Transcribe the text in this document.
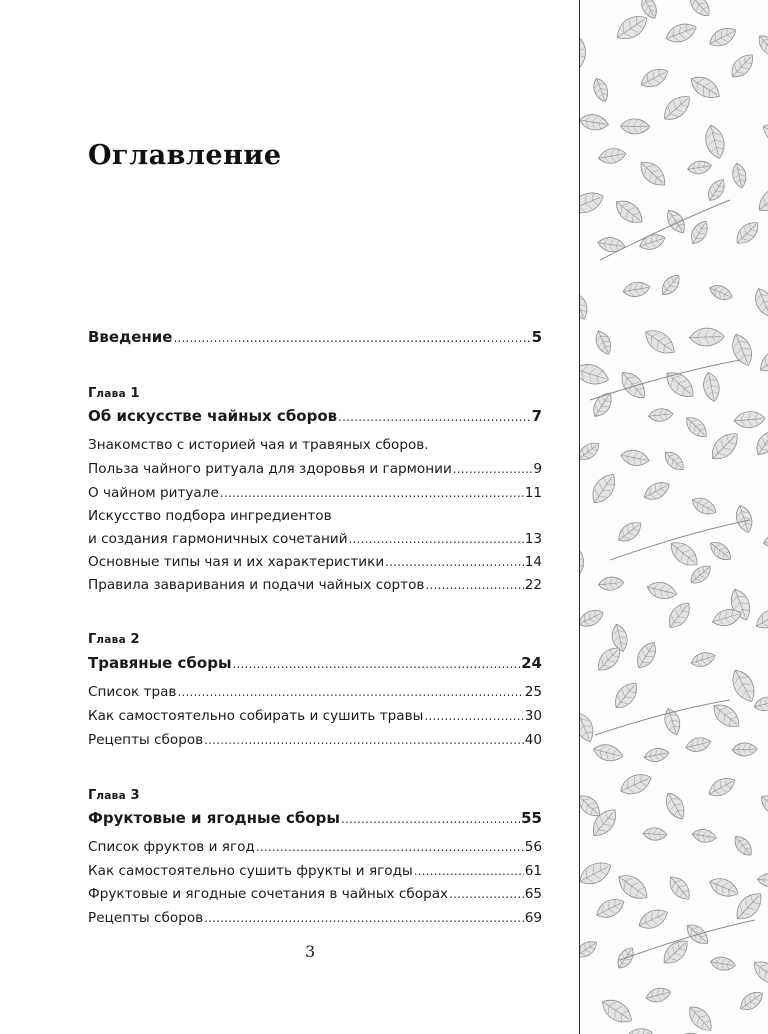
Оглавление
Введение .....	5
Глава 1
Об искусстве чайных сборов .....	7
Знакомство с историей чая и травяных сборов.
Польза чайного ритуала для здоровья и гармонии .....	9
О чайном ритуале .....	11
Искусство подбора ингредиентов
и создания гармоничных сочетаний .....	13
Основные типы чая и их характеристики .....	14
Правила заваривания и подачи чайных сортов .....	22
Глава 2
Травяные сборы .....	24
Список трав .....	25
Как самостоятельно собирать и сушить травы .....	30
Рецепты сборов .....	40
Глава 3
Фруктовые и ягодные сборы .....	55
Список фруктов и ягод .....	56
Как самостоятельно сушить фрукты и ягоды .....	61
Фруктовые и ягодные сочетания в чайных сборах .....	65
Рецепты сборов .....	69
3
